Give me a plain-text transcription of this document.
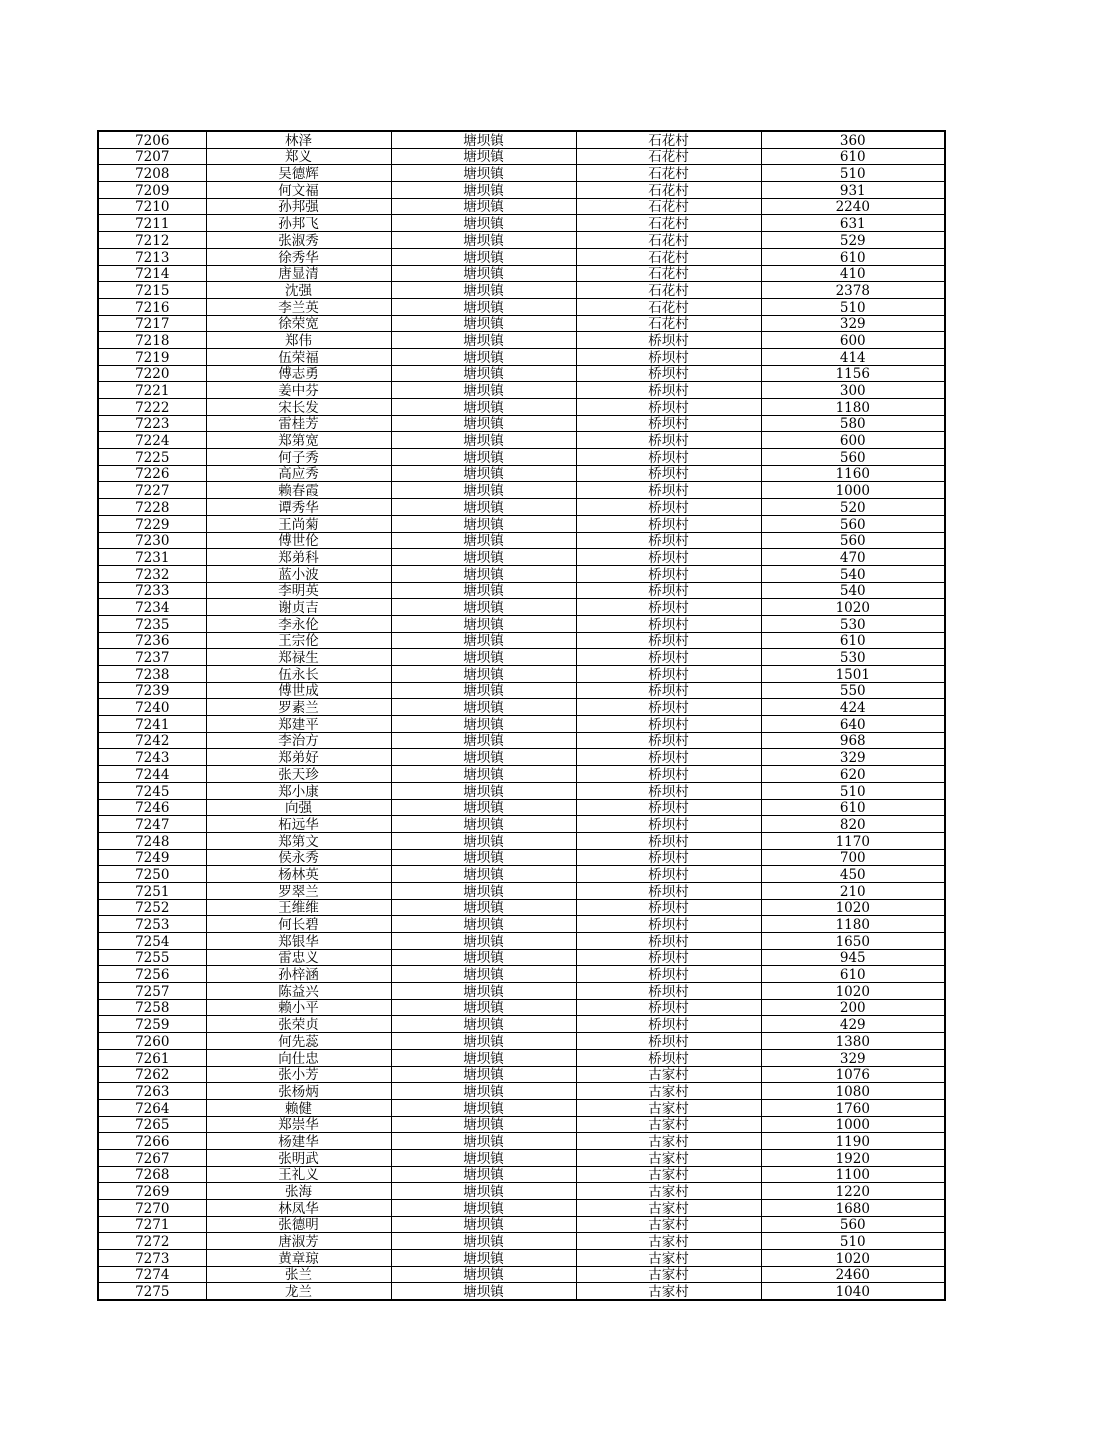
7206	林泽	塘坝镇	石花村	360
7207	郑义	塘坝镇	石花村	610
7208	吴德辉	塘坝镇	石花村	510
7209	何文福	塘坝镇	石花村	931
7210	孙邦强	塘坝镇	石花村	2240
7211	孙邦飞	塘坝镇	石花村	631
7212	张淑秀	塘坝镇	石花村	529
7213	徐秀华	塘坝镇	石花村	610
7214	唐显清	塘坝镇	石花村	410
7215	沈强	塘坝镇	石花村	2378
7216	李兰英	塘坝镇	石花村	510
7217	徐荣宽	塘坝镇	石花村	329
7218	郑伟	塘坝镇	桥坝村	600
7219	伍荣福	塘坝镇	桥坝村	414
7220	傅志勇	塘坝镇	桥坝村	1156
7221	姜中芬	塘坝镇	桥坝村	300
7222	宋长发	塘坝镇	桥坝村	1180
7223	雷桂芳	塘坝镇	桥坝村	580
7224	郑第宽	塘坝镇	桥坝村	600
7225	何子秀	塘坝镇	桥坝村	560
7226	高应秀	塘坝镇	桥坝村	1160
7227	赖春霞	塘坝镇	桥坝村	1000
7228	谭秀华	塘坝镇	桥坝村	520
7229	王尚菊	塘坝镇	桥坝村	560
7230	傅世伦	塘坝镇	桥坝村	560
7231	郑弟科	塘坝镇	桥坝村	470
7232	蓝小波	塘坝镇	桥坝村	540
7233	李明英	塘坝镇	桥坝村	540
7234	谢贞吉	塘坝镇	桥坝村	1020
7235	李永伦	塘坝镇	桥坝村	530
7236	王宗伦	塘坝镇	桥坝村	610
7237	郑禄生	塘坝镇	桥坝村	530
7238	伍永长	塘坝镇	桥坝村	1501
7239	傅世成	塘坝镇	桥坝村	550
7240	罗素兰	塘坝镇	桥坝村	424
7241	郑建平	塘坝镇	桥坝村	640
7242	李治方	塘坝镇	桥坝村	968
7243	郑弟好	塘坝镇	桥坝村	329
7244	张天珍	塘坝镇	桥坝村	620
7245	郑小康	塘坝镇	桥坝村	510
7246	向强	塘坝镇	桥坝村	610
7247	柘远华	塘坝镇	桥坝村	820
7248	郑第文	塘坝镇	桥坝村	1170
7249	侯永秀	塘坝镇	桥坝村	700
7250	杨林英	塘坝镇	桥坝村	450
7251	罗翠兰	塘坝镇	桥坝村	210
7252	王维维	塘坝镇	桥坝村	1020
7253	何长碧	塘坝镇	桥坝村	1180
7254	郑银华	塘坝镇	桥坝村	1650
7255	雷忠义	塘坝镇	桥坝村	945
7256	孙梓涵	塘坝镇	桥坝村	610
7257	陈益兴	塘坝镇	桥坝村	1020
7258	赖小平	塘坝镇	桥坝村	200
7259	张荣贞	塘坝镇	桥坝村	429
7260	何先蕊	塘坝镇	桥坝村	1380
7261	向仕忠	塘坝镇	桥坝村	329
7262	张小芳	塘坝镇	古家村	1076
7263	张杨炳	塘坝镇	古家村	1080
7264	赖健	塘坝镇	古家村	1760
7265	郑崇华	塘坝镇	古家村	1000
7266	杨建华	塘坝镇	古家村	1190
7267	张明武	塘坝镇	古家村	1920
7268	王礼义	塘坝镇	古家村	1100
7269	张海	塘坝镇	古家村	1220
7270	林凤华	塘坝镇	古家村	1680
7271	张德明	塘坝镇	古家村	560
7272	唐淑芳	塘坝镇	古家村	510
7273	黄章琼	塘坝镇	古家村	1020
7274	张兰	塘坝镇	古家村	2460
7275	龙兰	塘坝镇	古家村	1040
